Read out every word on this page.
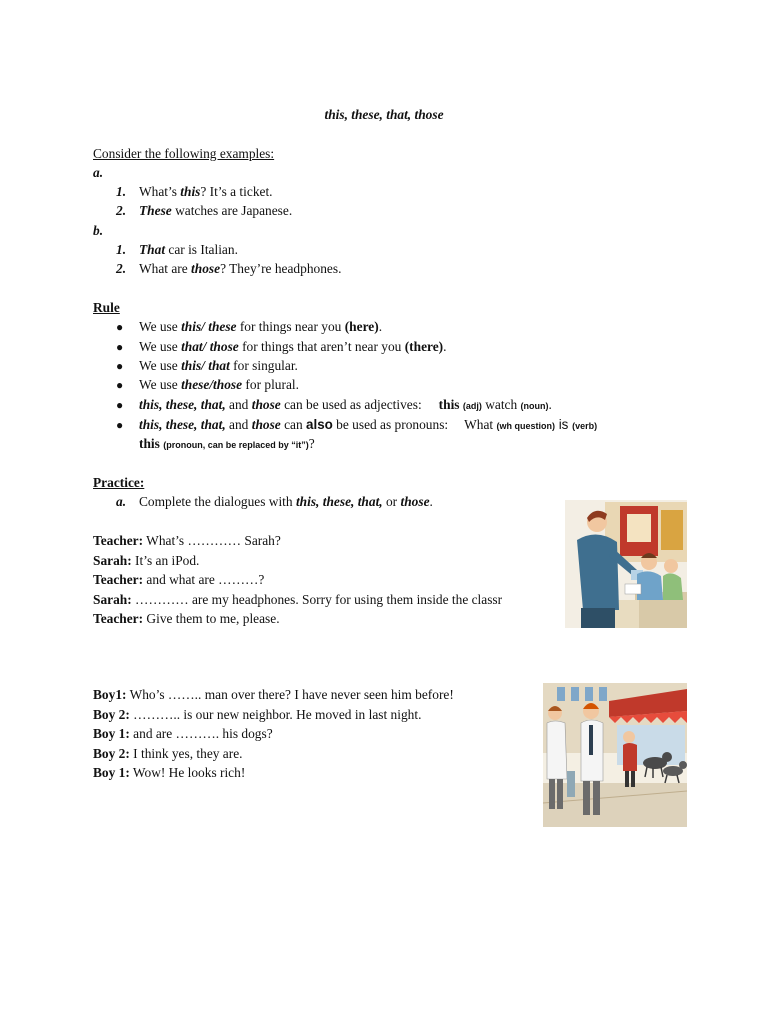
this, these, that, those
Consider the following examples:
a.
1. What’s this? It’s a ticket.
2. These watches are Japanese.
b.
1. That car is Italian.
2. What are those? They’re headphones.
Rule
● We use this/ these for things near you (here).
● We use that/ those for things that aren’t near you (there).
● We use this/ that for singular.
● We use these/those for plural.
● this, these, that, and those can be used as adjectives: this (adj) watch (noun).
● this, these, that, and those can also be used as pronouns: What (wh question) is (verb)
this (pronoun, can be replaced by “it”)?
Practice:
a. Complete the dialogues with this, these, that, or those.
Teacher: What’s ………… Sarah?
Sarah: It’s an iPod.
Teacher: and what are ………?
Sarah: ………… are my headphones. Sorry for using them inside the classr
Teacher: Give them to me, please.
Boy1: Who’s …….. man over there? I have never seen him before!
Boy 2: ……….. is our new neighbor. He moved in last night.
Boy 1: and are ………. his dogs?
Boy 2: I think yes, they are.
Boy 1: Wow! He looks rich!
